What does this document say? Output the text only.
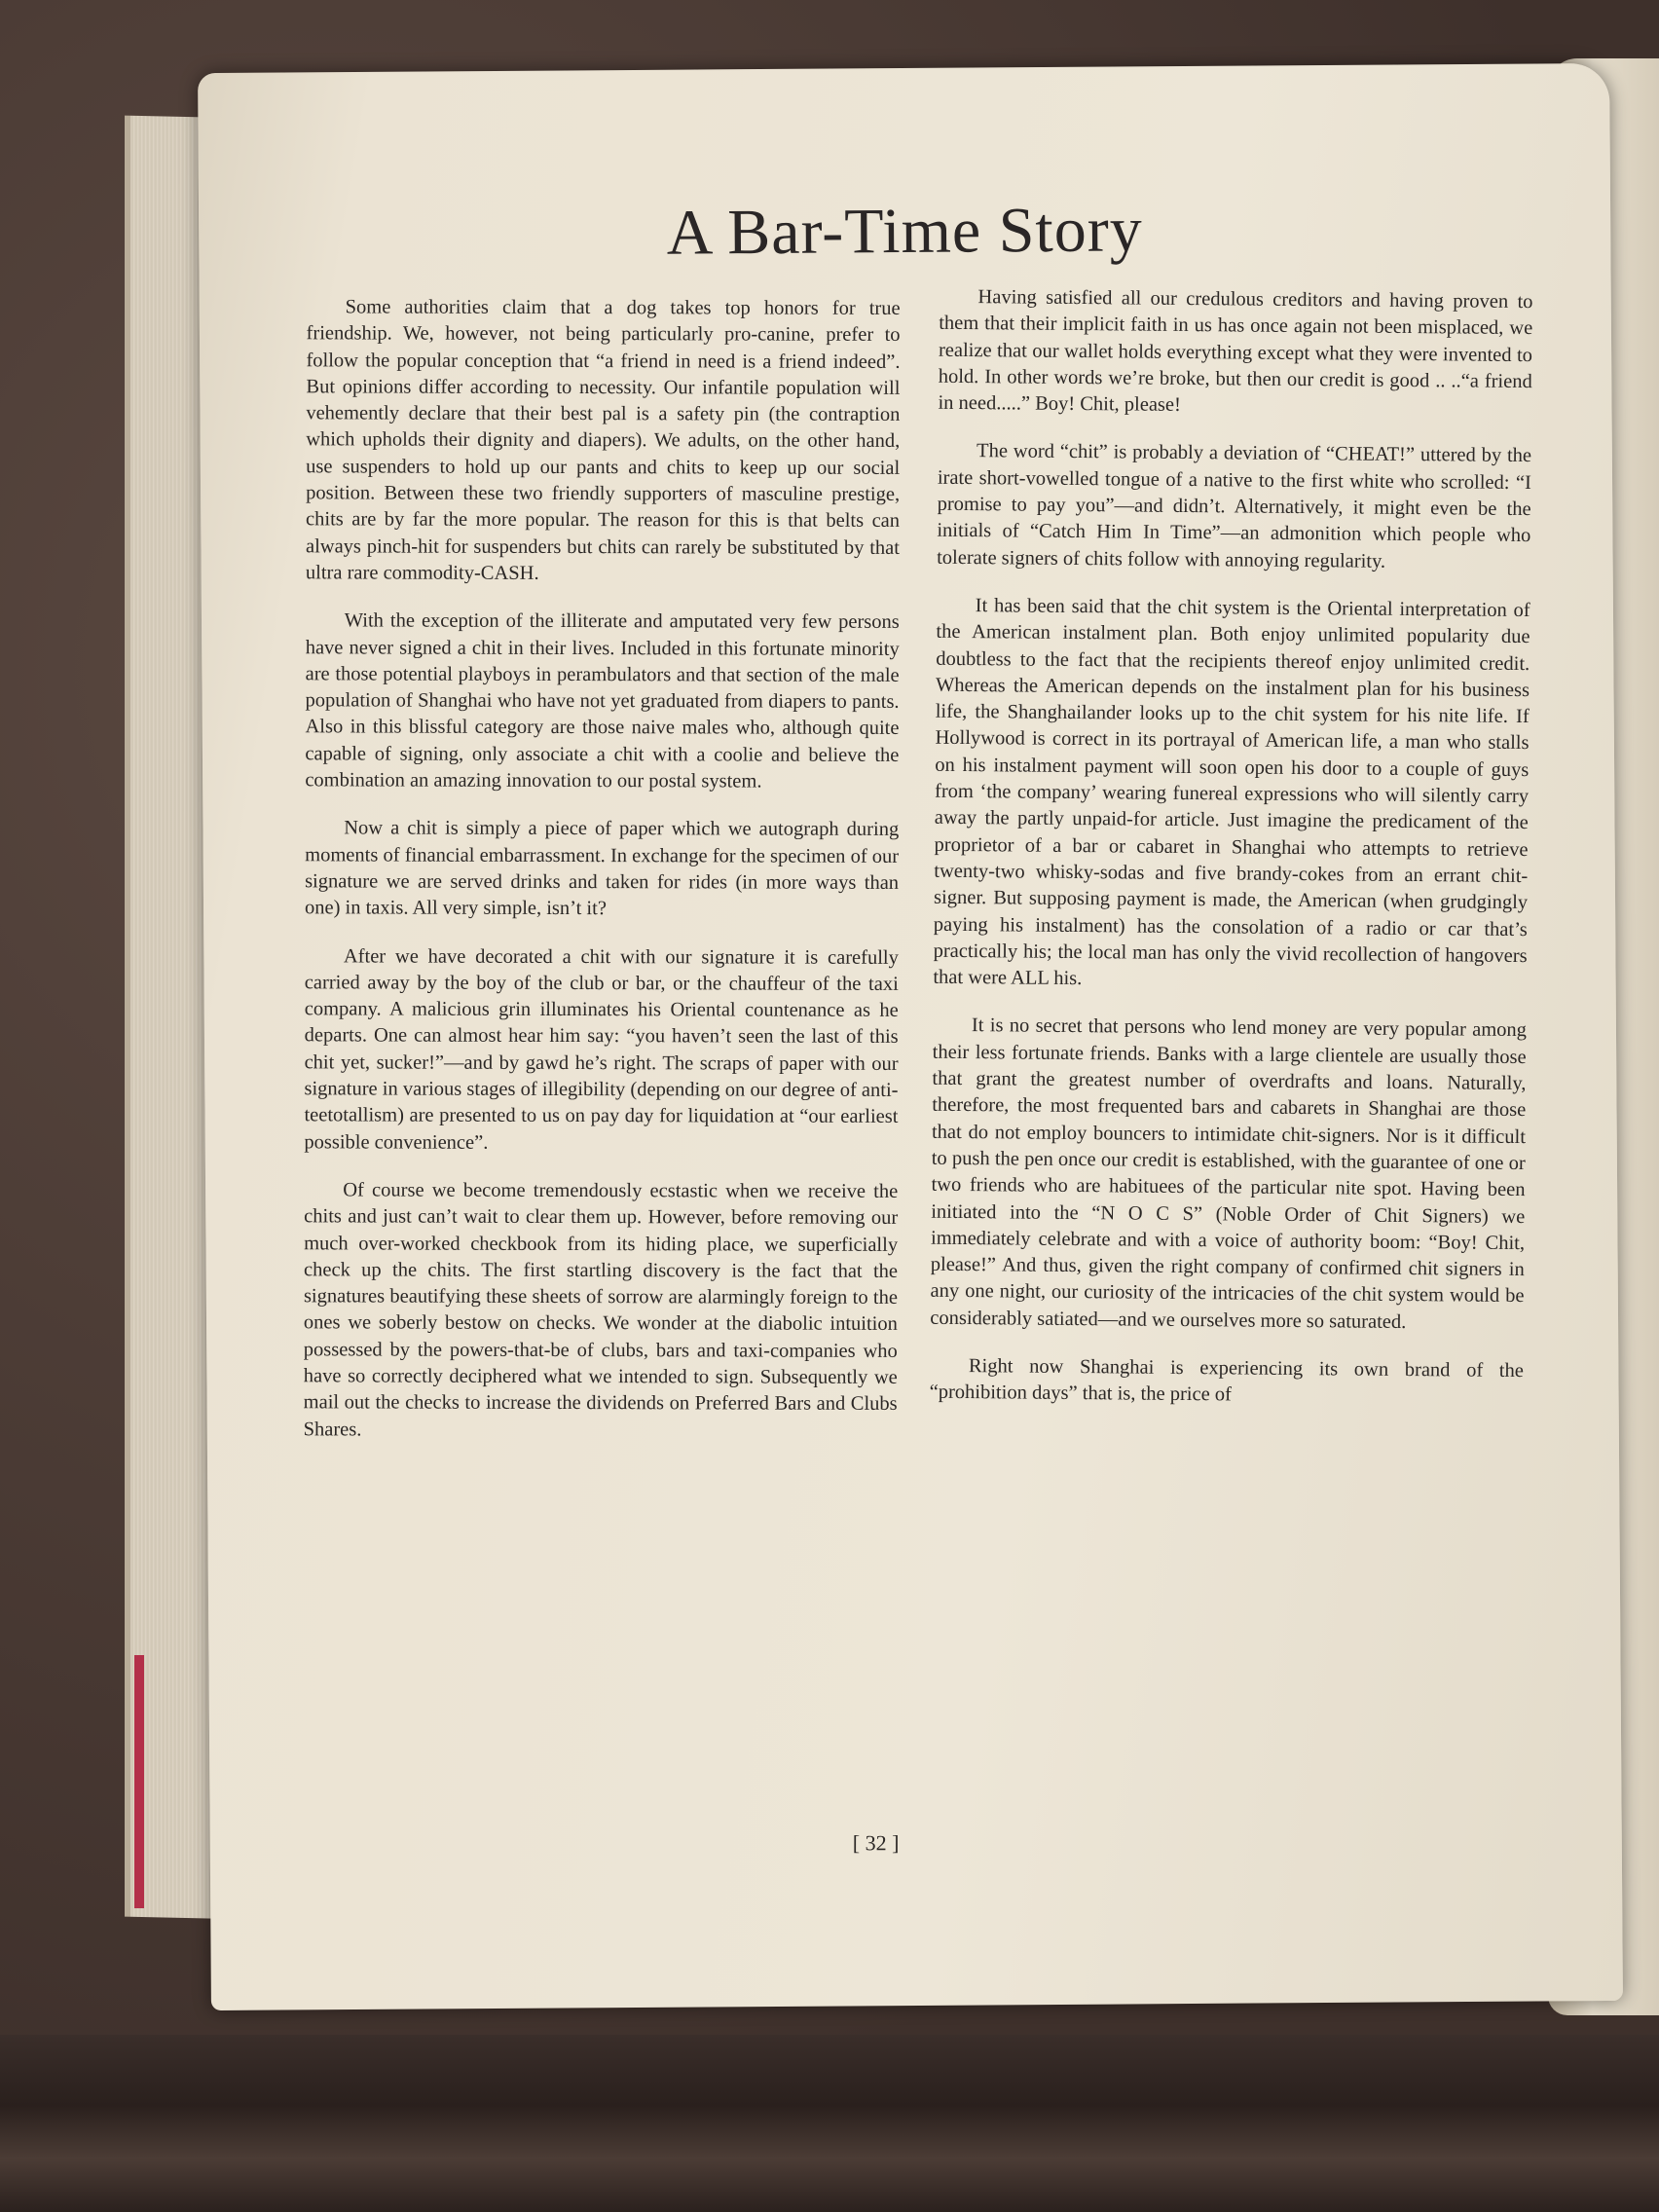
A Bar-Time Story

Some authorities claim that a dog takes top honors for true friendship. We, however, not being particularly pro-canine, prefer to follow the popular conception that “a friend in need is a friend indeed”. But opinions differ according to necessity. Our infantile population will vehemently declare that their best pal is a safety pin (the contraption which upholds their dignity and diapers). We adults, on the other hand, use suspenders to hold up our pants and chits to keep up our social position. Between these two friendly supporters of masculine prestige, chits are by far the more popular. The reason for this is that belts can always pinch-hit for suspenders but chits can rarely be substituted by that ultra rare commodity-CASH.

With the exception of the illiterate and amputated very few persons have never signed a chit in their lives. Included in this fortunate minority are those potential playboys in perambulators and that section of the male population of Shanghai who have not yet graduated from diapers to pants. Also in this blissful category are those naive males who, although quite capable of signing, only associate a chit with a coolie and believe the combination an amazing innovation to our postal system.

Now a chit is simply a piece of paper which we autograph during moments of financial embarrassment. In exchange for the specimen of our signature we are served drinks and taken for rides (in more ways than one) in taxis. All very simple, isn’t it?

After we have decorated a chit with our signature it is carefully carried away by the boy of the club or bar, or the chauffeur of the taxi company. A malicious grin illuminates his Oriental countenance as he departs. One can almost hear him say: “you haven’t seen the last of this chit yet, sucker!”—and by gawd he’s right. The scraps of paper with our signature in various stages of illegibility (depending on our degree of anti-teetotallism) are presented to us on pay day for liquidation at “our earliest possible convenience”.

Of course we become tremendously ecstastic when we receive the chits and just can’t wait to clear them up. However, before removing our much over-worked checkbook from its hiding place, we superficially check up the chits. The first startling discovery is the fact that the signatures beautifying these sheets of sorrow are alarmingly foreign to the ones we soberly bestow on checks. We wonder at the diabolic intuition possessed by the powers-that-be of clubs, bars and taxi-companies who have so correctly deciphered what we intended to sign. Subsequently we mail out the checks to increase the dividends on Preferred Bars and Clubs Shares.

Having satisfied all our credulous creditors and having proven to them that their implicit faith in us has once again not been misplaced, we realize that our wallet holds everything except what they were invented to hold. In other words we’re broke, but then our credit is good .. ..“a friend in need.....” Boy! Chit, please!

The word “chit” is probably a deviation of “CHEAT!” uttered by the irate short-vowelled tongue of a native to the first white who scrolled: “I promise to pay you”—and didn’t. Alternatively, it might even be the initials of “Catch Him In Time”—an admonition which people who tolerate signers of chits follow with annoying regularity.

It has been said that the chit system is the Oriental interpretation of the American instalment plan. Both enjoy unlimited popularity due doubtless to the fact that the recipients thereof enjoy unlimited credit. Whereas the American depends on the instalment plan for his business life, the Shanghailander looks up to the chit system for his nite life. If Hollywood is correct in its portrayal of American life, a man who stalls on his instalment payment will soon open his door to a couple of guys from ‘the company’ wearing funereal expressions who will silently carry away the partly unpaid-for article. Just imagine the predicament of the proprietor of a bar or cabaret in Shanghai who attempts to retrieve twenty-two whisky-sodas and five brandy-cokes from an errant chit-signer. But supposing payment is made, the American (when grudgingly paying his instalment) has the consolation of a radio or car that’s practically his; the local man has only the vivid recollection of hangovers that were ALL his.

It is no secret that persons who lend money are very popular among their less fortunate friends. Banks with a large clientele are usually those that grant the greatest number of overdrafts and loans. Naturally, therefore, the most frequented bars and cabarets in Shanghai are those that do not employ bouncers to intimidate chit-signers. Nor is it difficult to push the pen once our credit is established, with the guarantee of one or two friends who are habituees of the particular nite spot. Having been initiated into the “N O C S” (Noble Order of Chit Signers) we immediately celebrate and with a voice of authority boom: “Boy! Chit, please!” And thus, given the right company of confirmed chit signers in any one night, our curiosity of the intricacies of the chit system would be considerably satiated—and we ourselves more so saturated.

Right now Shanghai is experiencing its own brand of the “prohibition days” that is, the price of

[ 32 ]
